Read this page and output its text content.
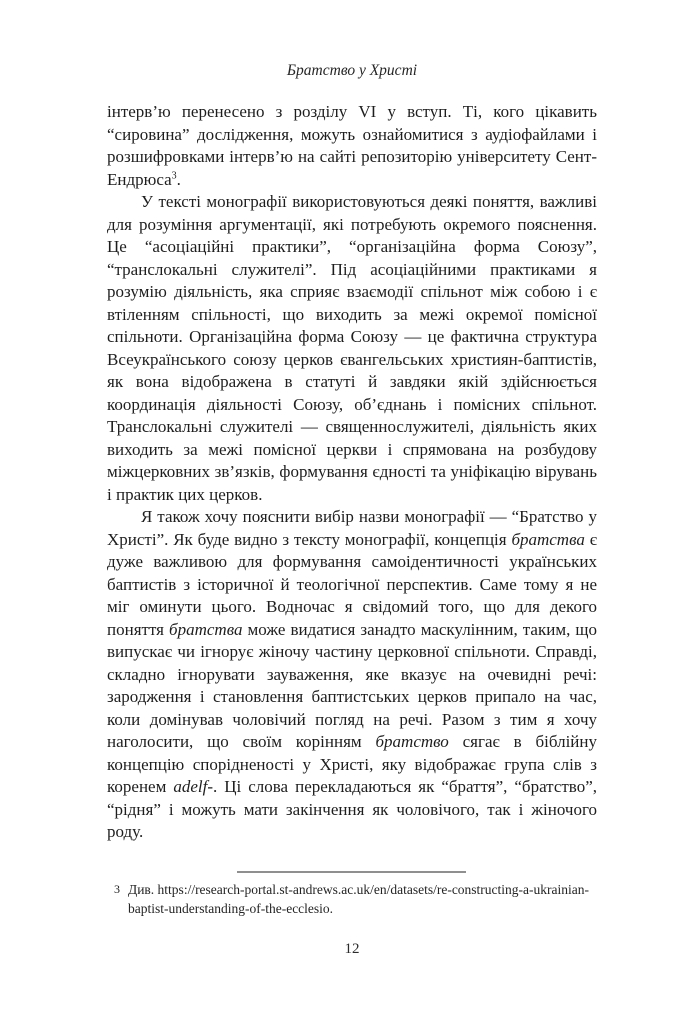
Братство у Христі

інтерв’ю перенесено з розділу VI у вступ. Ті, кого цікавить “сировина” дослідження, можуть ознайомитися з аудіофайлами і розшифровками інтерв’ю на сайті репозиторію університету Сент-Ендрюса$^3$.

У тексті монографії використовуються деякі поняття, важливі для розуміння аргументації, які потребують окремого пояснення. Це “асоціаційні практики”, “організаційна форма Союзу”, “транслокальні служителі”. Під асоціаційними практиками я розумію діяльність, яка сприяє взаємодії спільнот між собою і є втіленням спільності, що виходить за межі окремої помісної спільноти. Організаційна форма Союзу — це фактична структура Всеукраїнського союзу церков євангельських християн-баптистів, як вона відображена в статуті й завдяки якій здійснюється координація діяльності Союзу, об’єднань і помісних спільнот. Транслокальні служителі — священнослужителі, діяльність яких виходить за межі помісної церкви і спрямована на розбудову міжцерковних зв’язків, формування єдності та уніфікацію вірувань і практик цих церков.

Я також хочу пояснити вибір назви монографії — “Братство у Христі”. Як буде видно з тексту монографії, концепція братства є дуже важливою для формування самоідентичності українських баптистів з історичної й теологічної перспектив. Саме тому я не міг оминути цього. Водночас я свідомий того, що для декого поняття братства може видатися занадто маскулінним, таким, що випускає чи ігнорує жіночу частину церковної спільноти. Справді, складно ігнорувати зауваження, яке вказує на очевидні речі: зародження і становлення баптистських церков припало на час, коли домінував чоловічий погляд на речі. Разом з тим я хочу наголосити, що своїм корінням братство сягає в біблійну концепцію спорідненості у Христі, яку відображає група слів з коренем adelf-. Ці слова перекладаються як “браття”, “братство”, “рідня” і можуть мати закінчення як чоловічого, так і жіночого роду.

3 Див. https://research-portal.st-andrews.ac.uk/en/datasets/re-constructing-a-ukrainian-baptist-understanding-of-the-ecclesio.
12
